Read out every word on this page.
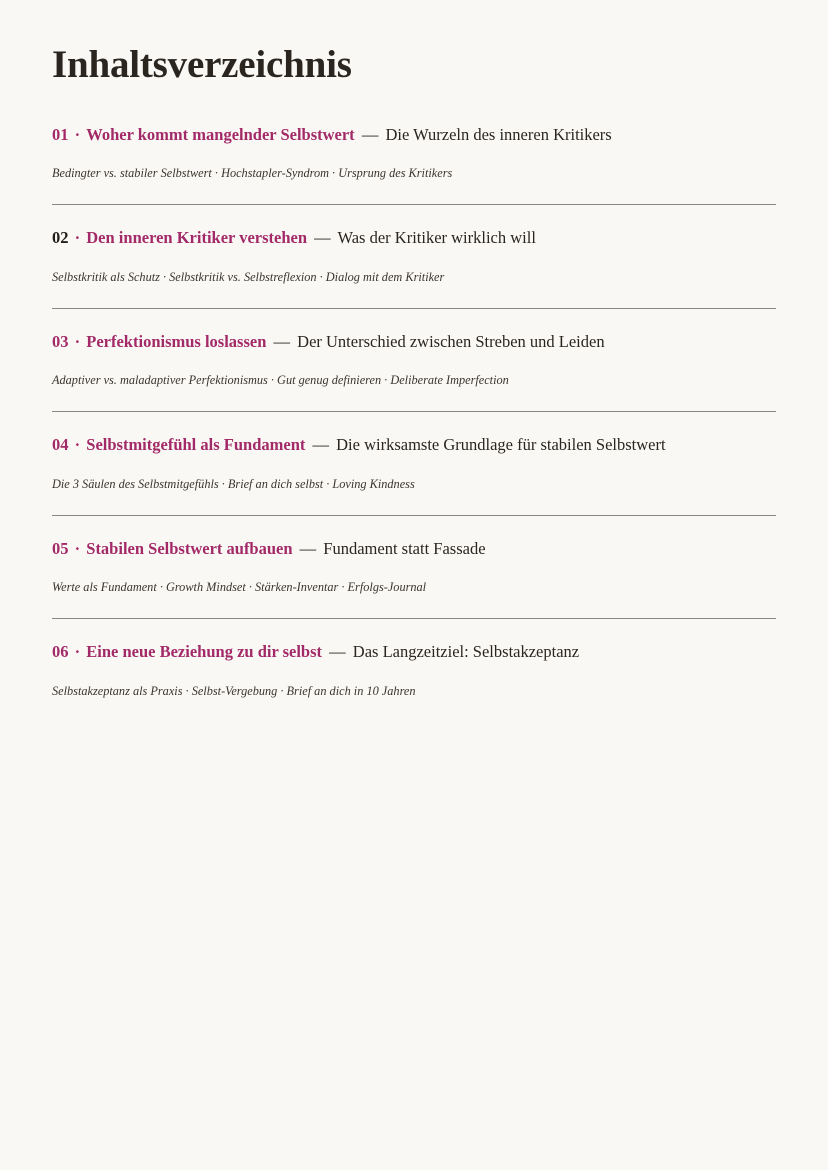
Inhaltsverzeichnis
01 · Woher kommt mangelnder Selbstwert — Die Wurzeln des inneren Kritikers
Bedingter vs. stabiler Selbstwert · Hochstapler-Syndrom · Ursprung des Kritikers
02 · Den inneren Kritiker verstehen — Was der Kritiker wirklich will
Selbstkritik als Schutz · Selbstkritik vs. Selbstreflexion · Dialog mit dem Kritiker
03 · Perfektionismus loslassen — Der Unterschied zwischen Streben und Leiden
Adaptiver vs. maladaptiver Perfektionismus · Gut genug definieren · Deliberate Imperfection
04 · Selbstmitgefühl als Fundament — Die wirksamste Grundlage für stabilen Selbstwert
Die 3 Säulen des Selbstmitgefühls · Brief an dich selbst · Loving Kindness
05 · Stabilen Selbstwert aufbauen — Fundament statt Fassade
Werte als Fundament · Growth Mindset · Stärken-Inventar · Erfolgs-Journal
06 · Eine neue Beziehung zu dir selbst — Das Langzeitziel: Selbstakzeptanz
Selbstakzeptanz als Praxis · Selbst-Vergebung · Brief an dich in 10 Jahren
